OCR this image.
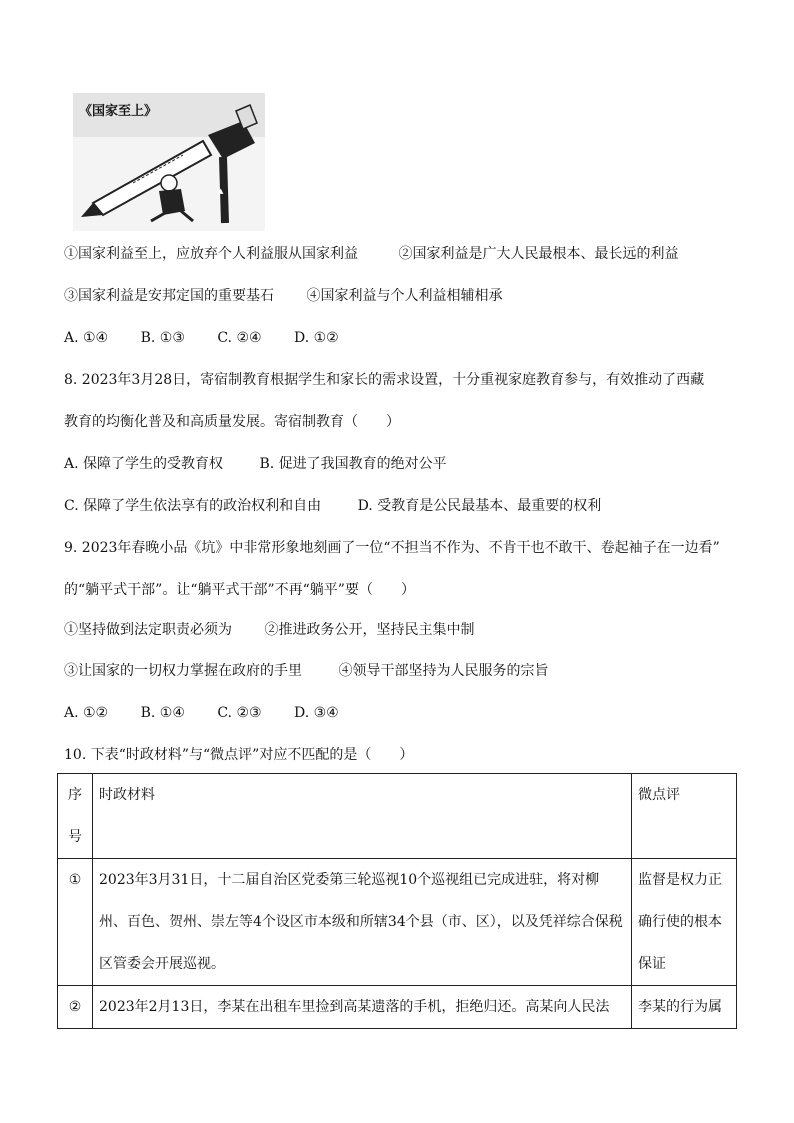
《国家至上》
▲
①国家利益至上，应放弃个人利益服从国家利益	②国家利益是广大人民最根本、最长远的利益
③国家利益是安邦定国的重要基石 ④国家利益与个人利益相辅相承
A. ①④ B. ①③ C. ②④ D. ①②
8. 2023年3月28日，寄宿制教育根据学生和家长的需求设置，十分重视家庭教育参与，有效推动了西藏
教育的均衡化普及和高质量发展。寄宿制教育（　　）
A. 保障了学生的受教育权	B. 促进了我国教育的绝对公平
C. 保障了学生依法享有的政治权利和自由	D. 受教育是公民最基本、最重要的权利
9. 2023年春晚小品《坑》中非常形象地刻画了一位“不担当不作为、不肯干也不敢干、卷起袖子在一边看”
的“躺平式干部”。让“躺平式干部”不再“躺平”要（　　）
①坚持做到法定职责必须为 ②推进政务公开，坚持民主集中制
③让国家的一切权力掌握在政府的手里	④领导干部坚持为人民服务的宗旨
A. ①② B. ①④ C. ②③ D. ③④
10. 下表“时政材料”与“微点评”对应不匹配的是（　　）
序号	时政材料	微点评
①	2023年3月31日，十二届自治区党委第三轮巡视10个巡视组已完成进驻，将对柳州、百色、贺州、崇左等4个设区市本级和所辖34个县（市、区），以及凭祥综合保税区管委会开展巡视。	监督是权力正确行使的根本保证
②	2023年2月13日，李某在出租车里捡到高某遗落的手机，拒绝归还。高某向人民法	李某的行为属
